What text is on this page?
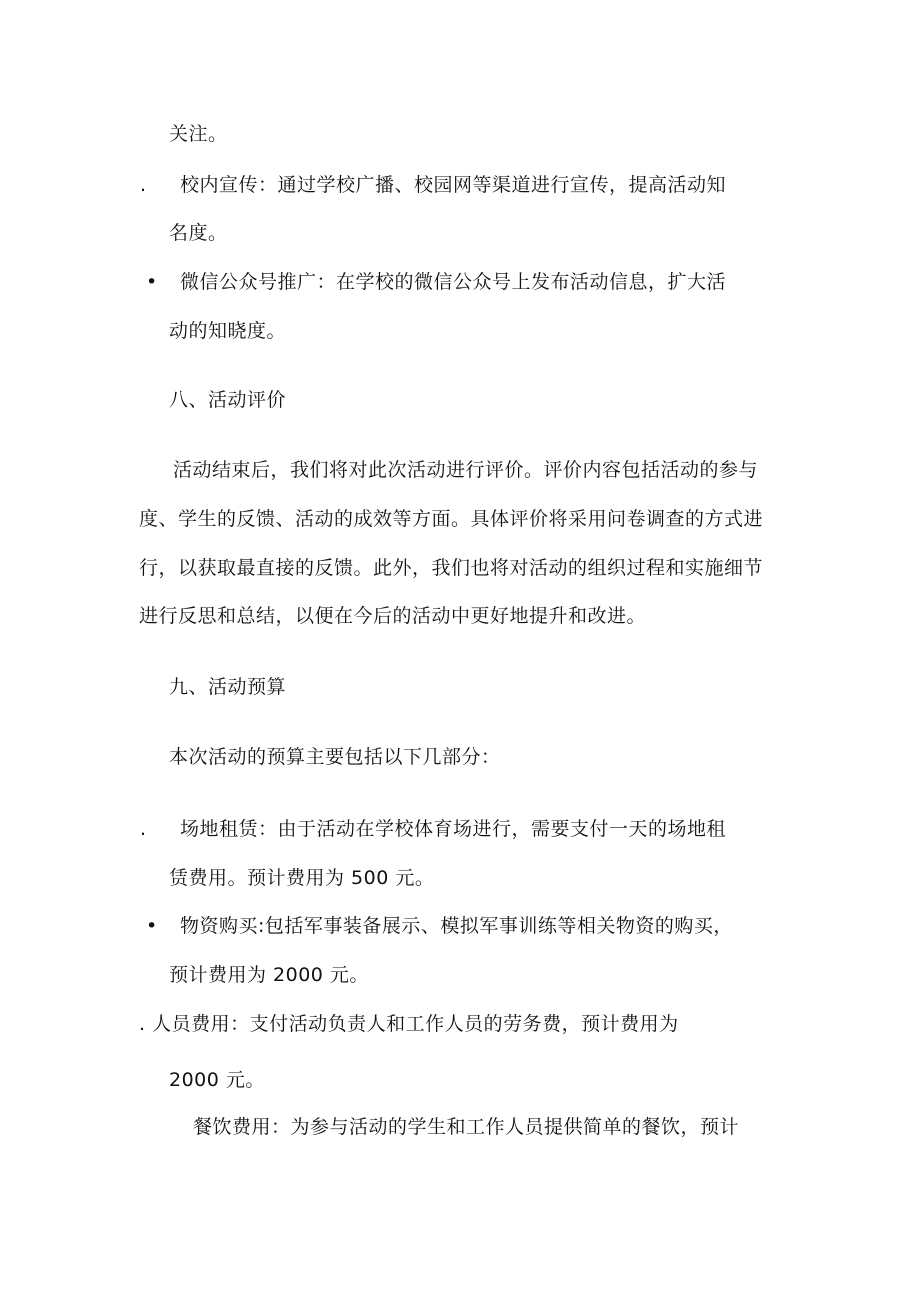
关注。
. 校内宣传：通过学校广播、校园网等渠道进行宣传，提高活动知
名度。
• 微信公众号推广：在学校的微信公众号上发布活动信息，扩大活
动的知晓度。
八、活动评价
活动结束后，我们将对此次活动进行评价。评价内容包括活动的参与
度、学生的反馈、活动的成效等方面。具体评价将采用问卷调查的方式进
行，以获取最直接的反馈。此外，我们也将对活动的组织过程和实施细节
进行反思和总结，以便在今后的活动中更好地提升和改进。
九、活动预算
本次活动的预算主要包括以下几部分：
. 场地租赁：由于活动在学校体育场进行，需要支付一天的场地租
赁费用。预计费用为 500 元。
• 物资购买:包括军事装备展示、模拟军事训练等相关物资的购买，
预计费用为 2000 元。
. 人员费用：支付活动负责人和工作人员的劳务费，预计费用为
2000 元。
餐饮费用：为参与活动的学生和工作人员提供简单的餐饮，预计
